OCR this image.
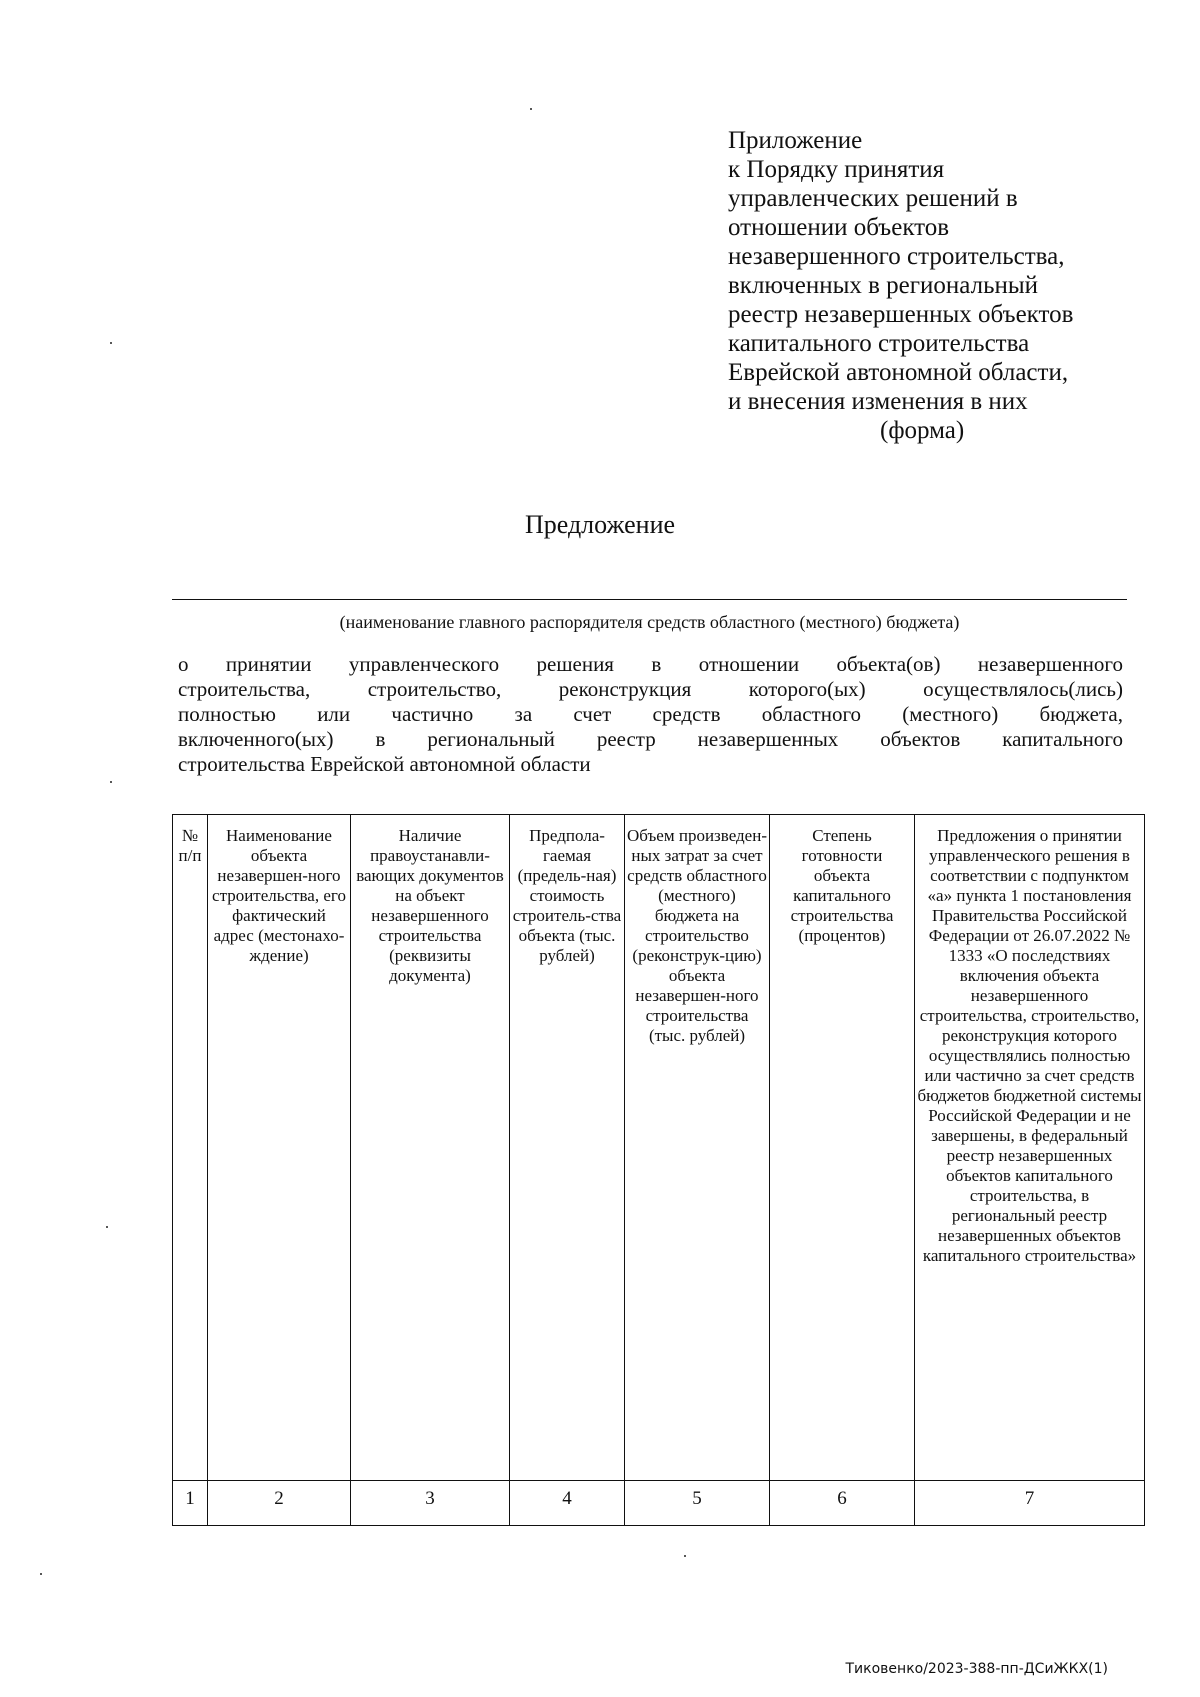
Приложение
к Порядку принятия
управленческих решений в
отношении объектов
незавершенного строительства,
включенных в региональный
реестр незавершенных объектов
капитального строительства
Еврейской автономной области,
и внесения изменения в них
(форма)
Предложение
(наименование главного распорядителя средств областного (местного) бюджета)
о принятии управленческого решения в отношении объекта(ов) незавершенного
строительства, строительство, реконструкция которого(ых) осуществлялось(лись)
полностью или частично за счет средств областного (местного) бюджета,
включенного(ых) в региональный реестр незавершенных объектов капитального
строительства Еврейской автономной области
№ п/п	Наименование объекта незавершен-ного строительства, его фактический адрес (местонахо-ждение)	Наличие правоустанавли-вающих документов на объект незавершенного строительства (реквизиты документа)	Предпола-гаемая (предель-ная) стоимость строитель-ства объекта (тыс. рублей)	Объем произведен-ных затрат за счет средств областного (местного) бюджета на строительство (реконструк-цию) объекта незавершен-ного строительства (тыс. рублей)	Степень готовности объекта капитального строительства (процентов)	Предложения о принятии управленческого решения в соответствии с подпунктом «а» пункта 1 постановления Правительства Российской Федерации от 26.07.2022 № 1333 «О последствиях включения объекта незавершенного строительства, строительство, реконструкция которого осуществлялись полностью или частично за счет средств бюджетов бюджетной системы Российской Федерации и не завершены, в федеральный реестр незавершенных объектов капитального строительства, в региональный реестр незавершенных объектов капитального строительства»
1	2	3	4	5	6	7
Тиковенко/2023-388-пп-ДСиЖКХ(1)
